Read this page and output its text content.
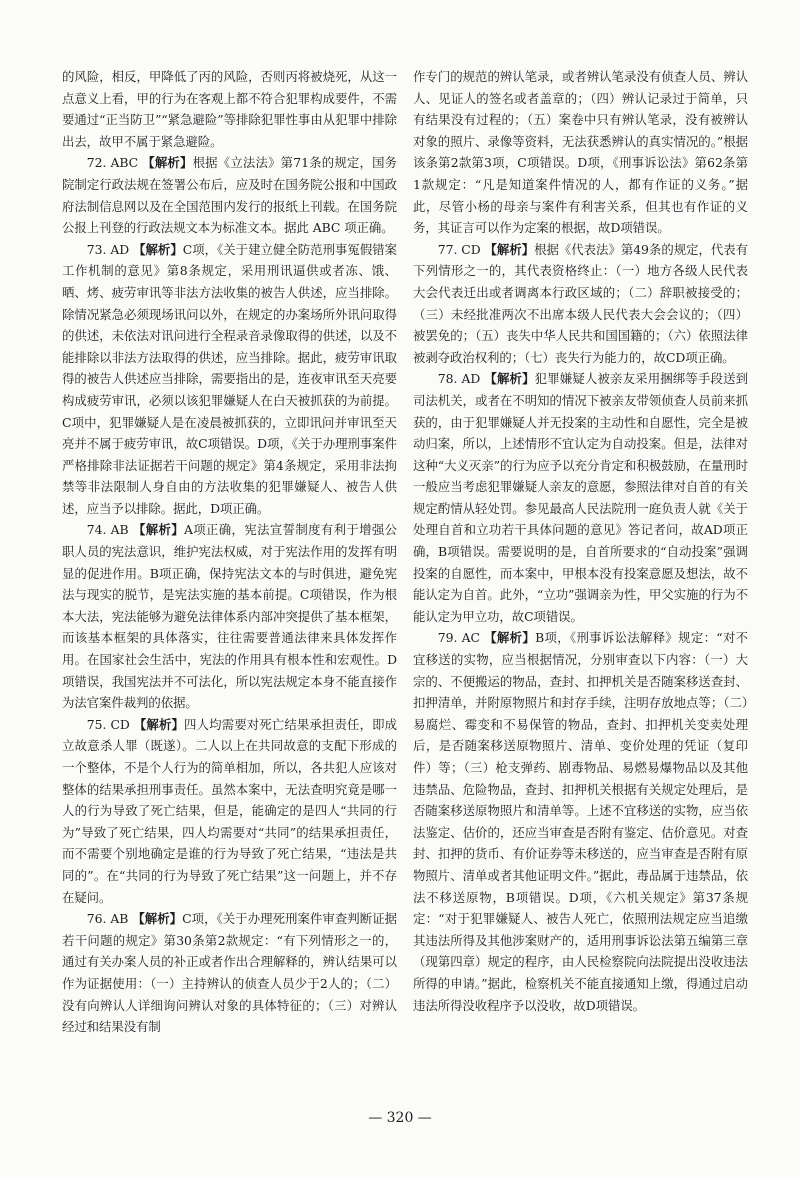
的风险，相反，甲降低了丙的风险，否则丙将被烧死，从这一点意义上看，甲的行为在客观上都不符合犯罪构成要件，不需要通过“正当防卫”“紧急避险”等排除犯罪性事由从犯罪中排除出去，故甲不属于紧急避险。

72. ABC 【解析】根据《立法法》第71条的规定，国务院制定行政法规在签署公布后，应及时在国务院公报和中国政府法制信息网以及在全国范围内发行的报纸上刊载。在国务院公报上刊登的行政法规文本为标准文本。据此 ABC 项正确。

73. AD 【解析】C项，《关于建立健全防范刑事冤假错案工作机制的意见》第8条规定，采用刑讯逼供或者冻、饿、晒、烤、疲劳审讯等非法方法收集的被告人供述，应当排除。除情况紧急必须现场讯问以外，在规定的办案场所外讯问取得的供述，未依法对讯问进行全程录音录像取得的供述，以及不能排除以非法方法取得的供述，应当排除。据此，疲劳审讯取得的被告人供述应当排除，需要指出的是，连夜审讯至天亮要构成疲劳审讯，必须以该犯罪嫌疑人在白天被抓获的为前提。C项中，犯罪嫌疑人是在凌晨被抓获的，立即讯问并审讯至天亮并不属于疲劳审讯，故C项错误。D项，《关于办理刑事案件严格排除非法证据若干问题的规定》第4条规定，采用非法拘禁等非法限制人身自由的方法收集的犯罪嫌疑人、被告人供述，应当予以排除。据此，D项正确。

74. AB 【解析】A项正确，宪法宣誓制度有利于增强公职人员的宪法意识，维护宪法权威，对于宪法作用的发挥有明显的促进作用。B项正确，保持宪法文本的与时俱进，避免宪法与现实的脱节，是宪法实施的基本前提。C项错误，作为根本大法，宪法能够为避免法律体系内部冲突提供了基本框架，而该基本框架的具体落实，往往需要普通法律来具体发挥作用。在国家社会生活中，宪法的作用具有根本性和宏观性。D项错误，我国宪法并不可法化，所以宪法规定本身不能直接作为法官案件裁判的依据。

75. CD 【解析】四人均需要对死亡结果承担责任，即成立故意杀人罪（既遂）。二人以上在共同故意的支配下形成的一个整体，不是个人行为的简单相加，所以，各共犯人应该对整体的结果承担刑事责任。虽然本案中，无法查明究竟是哪一人的行为导致了死亡结果，但是，能确定的是四人“共同的行为”导致了死亡结果，四人均需要对“共同”的结果承担责任，而不需要个别地确定是谁的行为导致了死亡结果，“违法是共同的”。在“共同的行为导致了死亡结果”这一问题上，并不存在疑问。

76. AB 【解析】C项，《关于办理死刑案件审查判断证据若干问题的规定》第30条第2款规定：“有下列情形之一的，通过有关办案人员的补正或者作出合理解释的，辨认结果可以作为证据使用：（一）主持辨认的侦查人员少于2人的；（二）没有向辨认人详细询问辨认对象的具体特征的；（三）对辨认经过和结果没有制

作专门的规范的辨认笔录，或者辨认笔录没有侦查人员、辨认人、见证人的签名或者盖章的；（四）辨认记录过于简单，只有结果没有过程的；（五）案卷中只有辨认笔录，没有被辨认对象的照片、录像等资料，无法获悉辨认的真实情况的。”根据该条第2款第3项，C项错误。D项，《刑事诉讼法》第62条第1款规定：“凡是知道案件情况的人，都有作证的义务。”据此，尽管小杨的母亲与案件有利害关系，但其也有作证的义务，其证言可以作为定案的根据，故D项错误。

77. CD 【解析】根据《代表法》第49条的规定，代表有下列情形之一的，其代表资格终止：（一）地方各级人民代表大会代表迁出或者调离本行政区域的；（二）辞职被接受的；（三）未经批准两次不出席本级人民代表大会会议的；（四）被罢免的；（五）丧失中华人民共和国国籍的；（六）依照法律被剥夺政治权利的；（七）丧失行为能力的，故CD项正确。

78. AD 【解析】犯罪嫌疑人被亲友采用捆绑等手段送到司法机关，或者在不明知的情况下被亲友带领侦查人员前来抓获的，由于犯罪嫌疑人并无投案的主动性和自愿性，完全是被动归案，所以，上述情形不宜认定为自动投案。但是，法律对这种“大义灭亲”的行为应予以充分肯定和积极鼓励，在量刑时一般应当考虑犯罪嫌疑人亲友的意愿，参照法律对自首的有关规定酌情从轻处罚。参见最高人民法院刑一庭负责人就《关于处理自首和立功若干具体问题的意见》答记者问，故AD项正确，B项错误。需要说明的是，自首所要求的“自动投案”强调投案的自愿性，而本案中，甲根本没有投案意愿及想法，故不能认定为自首。此外，“立功”强调亲为性，甲父实施的行为不能认定为甲立功，故C项错误。

79. AC 【解析】B项，《刑事诉讼法解释》规定：“对不宜移送的实物，应当根据情况，分别审查以下内容：（一）大宗的、不便搬运的物品，查封、扣押机关是否随案移送查封、扣押清单，并附原物照片和封存手续，注明存放地点等；（二）易腐烂、霉变和不易保管的物品，查封、扣押机关变卖处理后，是否随案移送原物照片、清单、变价处理的凭证（复印件）等；（三）枪支弹药、剧毒物品、易燃易爆物品以及其他违禁品、危险物品，查封、扣押机关根据有关规定处理后，是否随案移送原物照片和清单等。上述不宜移送的实物，应当依法鉴定、估价的，还应当审查是否附有鉴定、估价意见。对查封、扣押的货币、有价证券等未移送的，应当审查是否附有原物照片、清单或者其他证明文件。”据此，毒品属于违禁品，依法不移送原物，B项错误。D项，《六机关规定》第37条规定：“对于犯罪嫌疑人、被告人死亡，依照刑法规定应当追缴其违法所得及其他涉案财产的，适用刑事诉讼法第五编第三章（现第四章）规定的程序，由人民检察院向法院提出没收违法所得的申请。”据此，检察机关不能直接通知上缴，得通过启动违法所得没收程序予以没收，故D项错误。

— 320 —
